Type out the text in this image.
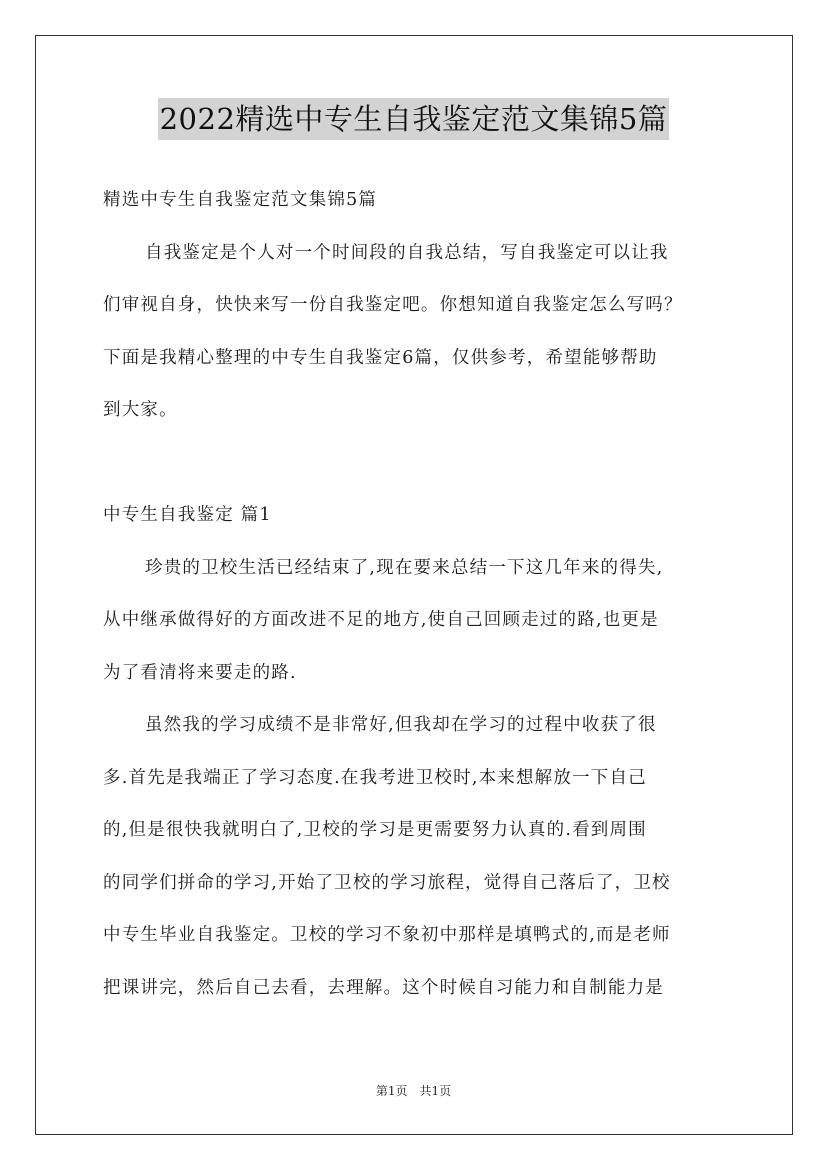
2022精选中专生自我鉴定范文集锦5篇
精选中专生自我鉴定范文集锦5篇
自我鉴定是个人对一个时间段的自我总结，写自我鉴定可以让我
们审视自身，快快来写一份自我鉴定吧。你想知道自我鉴定怎么写吗？
下面是我精心整理的中专生自我鉴定6篇，仅供参考，希望能够帮助
到大家。
中专生自我鉴定 篇1
珍贵的卫校生活已经结束了,现在要来总结一下这几年来的得失,
从中继承做得好的方面改进不足的地方,使自己回顾走过的路,也更是
为了看清将来要走的路.
虽然我的学习成绩不是非常好,但我却在学习的过程中收获了很
多.首先是我端正了学习态度.在我考进卫校时,本来想解放一下自己
的,但是很快我就明白了,卫校的学习是更需要努力认真的.看到周围
的同学们拼命的学习,开始了卫校的学习旅程，觉得自己落后了，卫校
中专生毕业自我鉴定。卫校的学习不象初中那样是填鸭式的,而是老师
把课讲完，然后自己去看，去理解。这个时候自习能力和自制能力是
第1页　共1页
